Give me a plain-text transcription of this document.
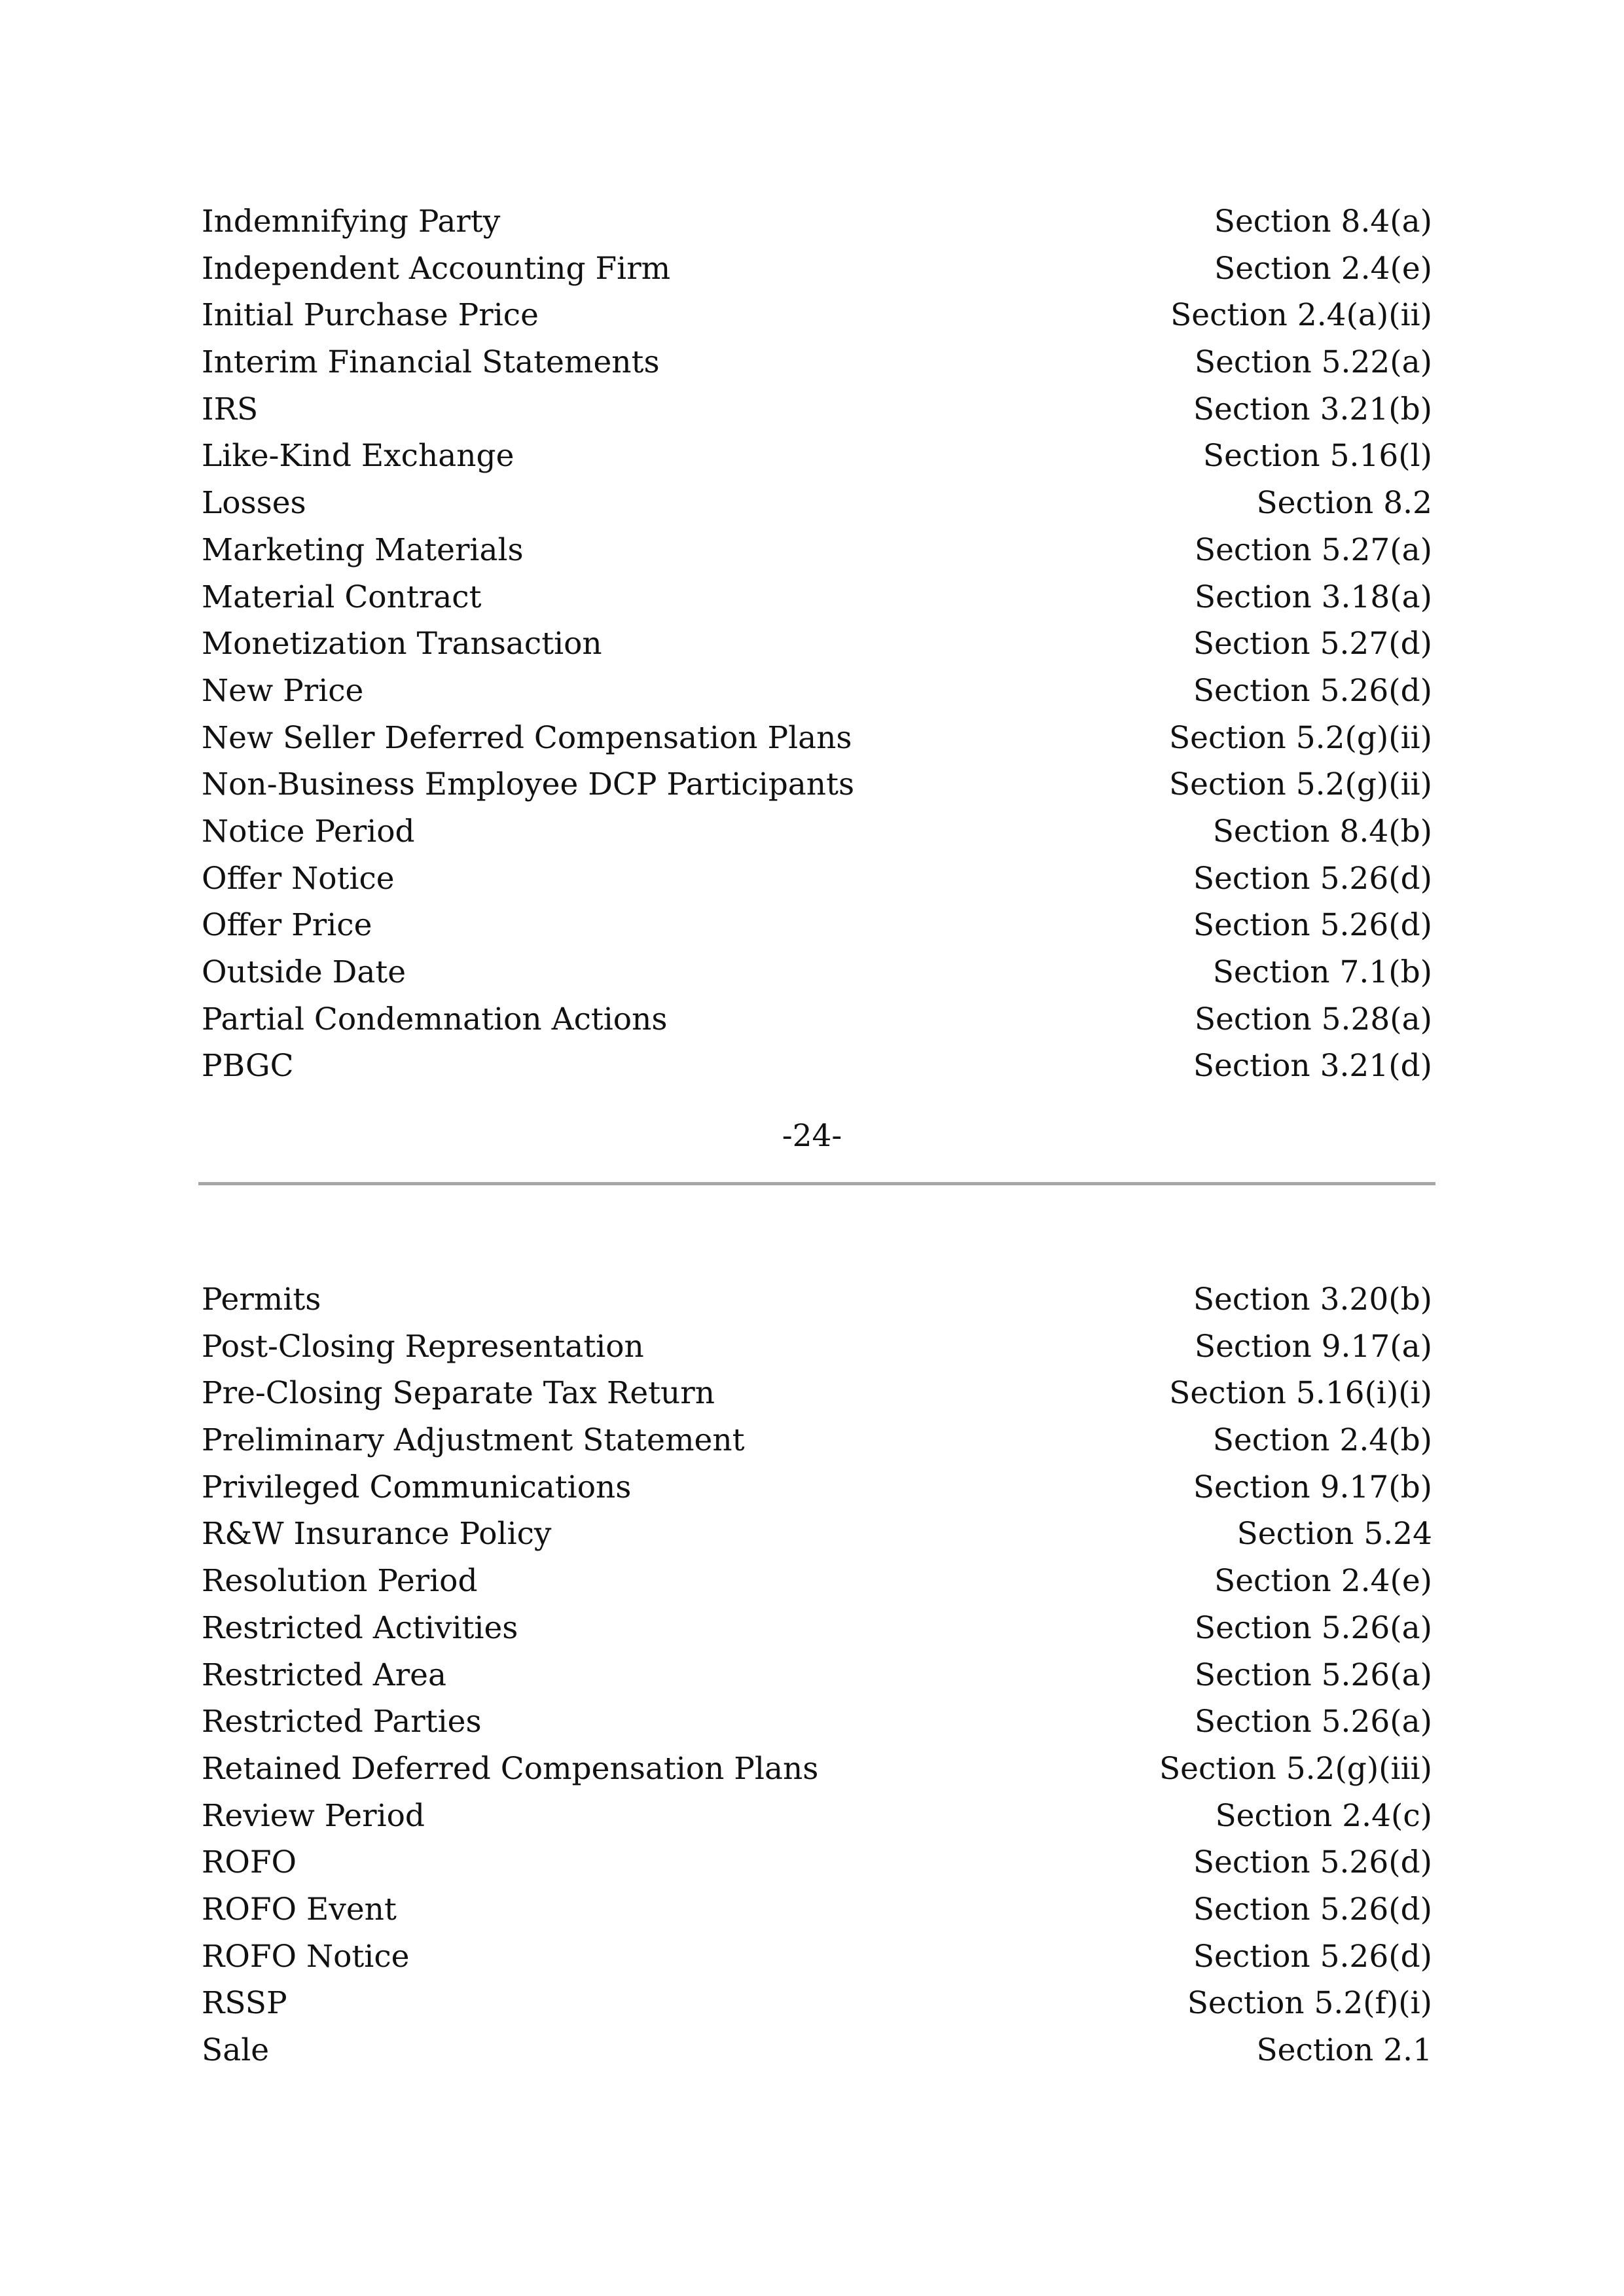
Indemnifying Party	Section 8.4(a)
Independent Accounting Firm	Section 2.4(e)
Initial Purchase Price	Section 2.4(a)(ii)
Interim Financial Statements	Section 5.22(a)
IRS	Section 3.21(b)
Like-Kind Exchange	Section 5.16(l)
Losses	Section 8.2
Marketing Materials	Section 5.27(a)
Material Contract	Section 3.18(a)
Monetization Transaction	Section 5.27(d)
New Price	Section 5.26(d)
New Seller Deferred Compensation Plans	Section 5.2(g)(ii)
Non-Business Employee DCP Participants	Section 5.2(g)(ii)
Notice Period	Section 8.4(b)
Offer Notice	Section 5.26(d)
Offer Price	Section 5.26(d)
Outside Date	Section 7.1(b)
Partial Condemnation Actions	Section 5.28(a)
PBGC	Section 3.21(d)
-24-
Permits	Section 3.20(b)
Post-Closing Representation	Section 9.17(a)
Pre-Closing Separate Tax Return	Section 5.16(i)(i)
Preliminary Adjustment Statement	Section 2.4(b)
Privileged Communications	Section 9.17(b)
R&W Insurance Policy	Section 5.24
Resolution Period	Section 2.4(e)
Restricted Activities	Section 5.26(a)
Restricted Area	Section 5.26(a)
Restricted Parties	Section 5.26(a)
Retained Deferred Compensation Plans	Section 5.2(g)(iii)
Review Period	Section 2.4(c)
ROFO	Section 5.26(d)
ROFO Event	Section 5.26(d)
ROFO Notice	Section 5.26(d)
RSSP	Section 5.2(f)(i)
Sale	Section 2.1
